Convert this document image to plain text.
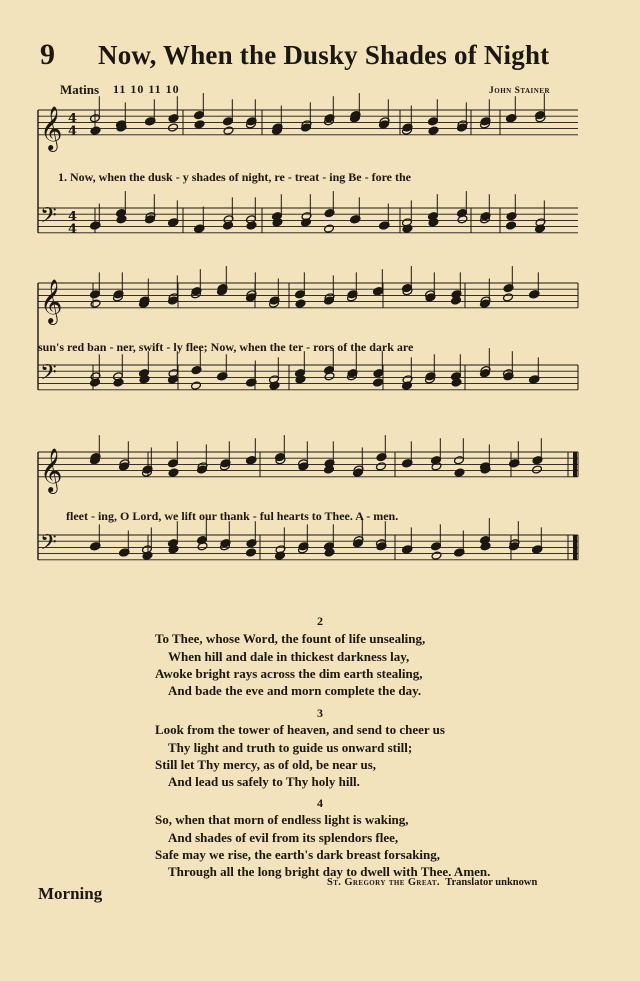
9 Now, When the Dusky Shades of Night
Matins 11 10 11 10	John Stainer
𝄞 4
4
𝄢 4
4
𝄞
𝄢
𝄞
𝄢
1. Now, when the dusk - y shades of night, re - treat - ing Be - fore the
sun's red ban - ner, swift - ly flee; Now, when the ter - rors of the dark are
fleet - ing, O Lord, we lift our thank - ful hearts to Thee. A - men.
2
To Thee, whose Word, the fount of life unsealing,
When hill and dale in thickest darkness lay,
Awoke bright rays across the dim earth stealing,
And bade the eve and morn complete the day.
3
Look from the tower of heaven, and send to cheer us
Thy light and truth to guide us onward still;
Still let Thy mercy, as of old, be near us,
And lead us safely to Thy holy hill.
4
So, when that morn of endless light is waking,
And shades of evil from its splendors flee,
Safe may we rise, the earth's dark breast forsaking,
Through all the long bright day to dwell with Thee. Amen.
St. Gregory the Great. Translator unknown
Morning
